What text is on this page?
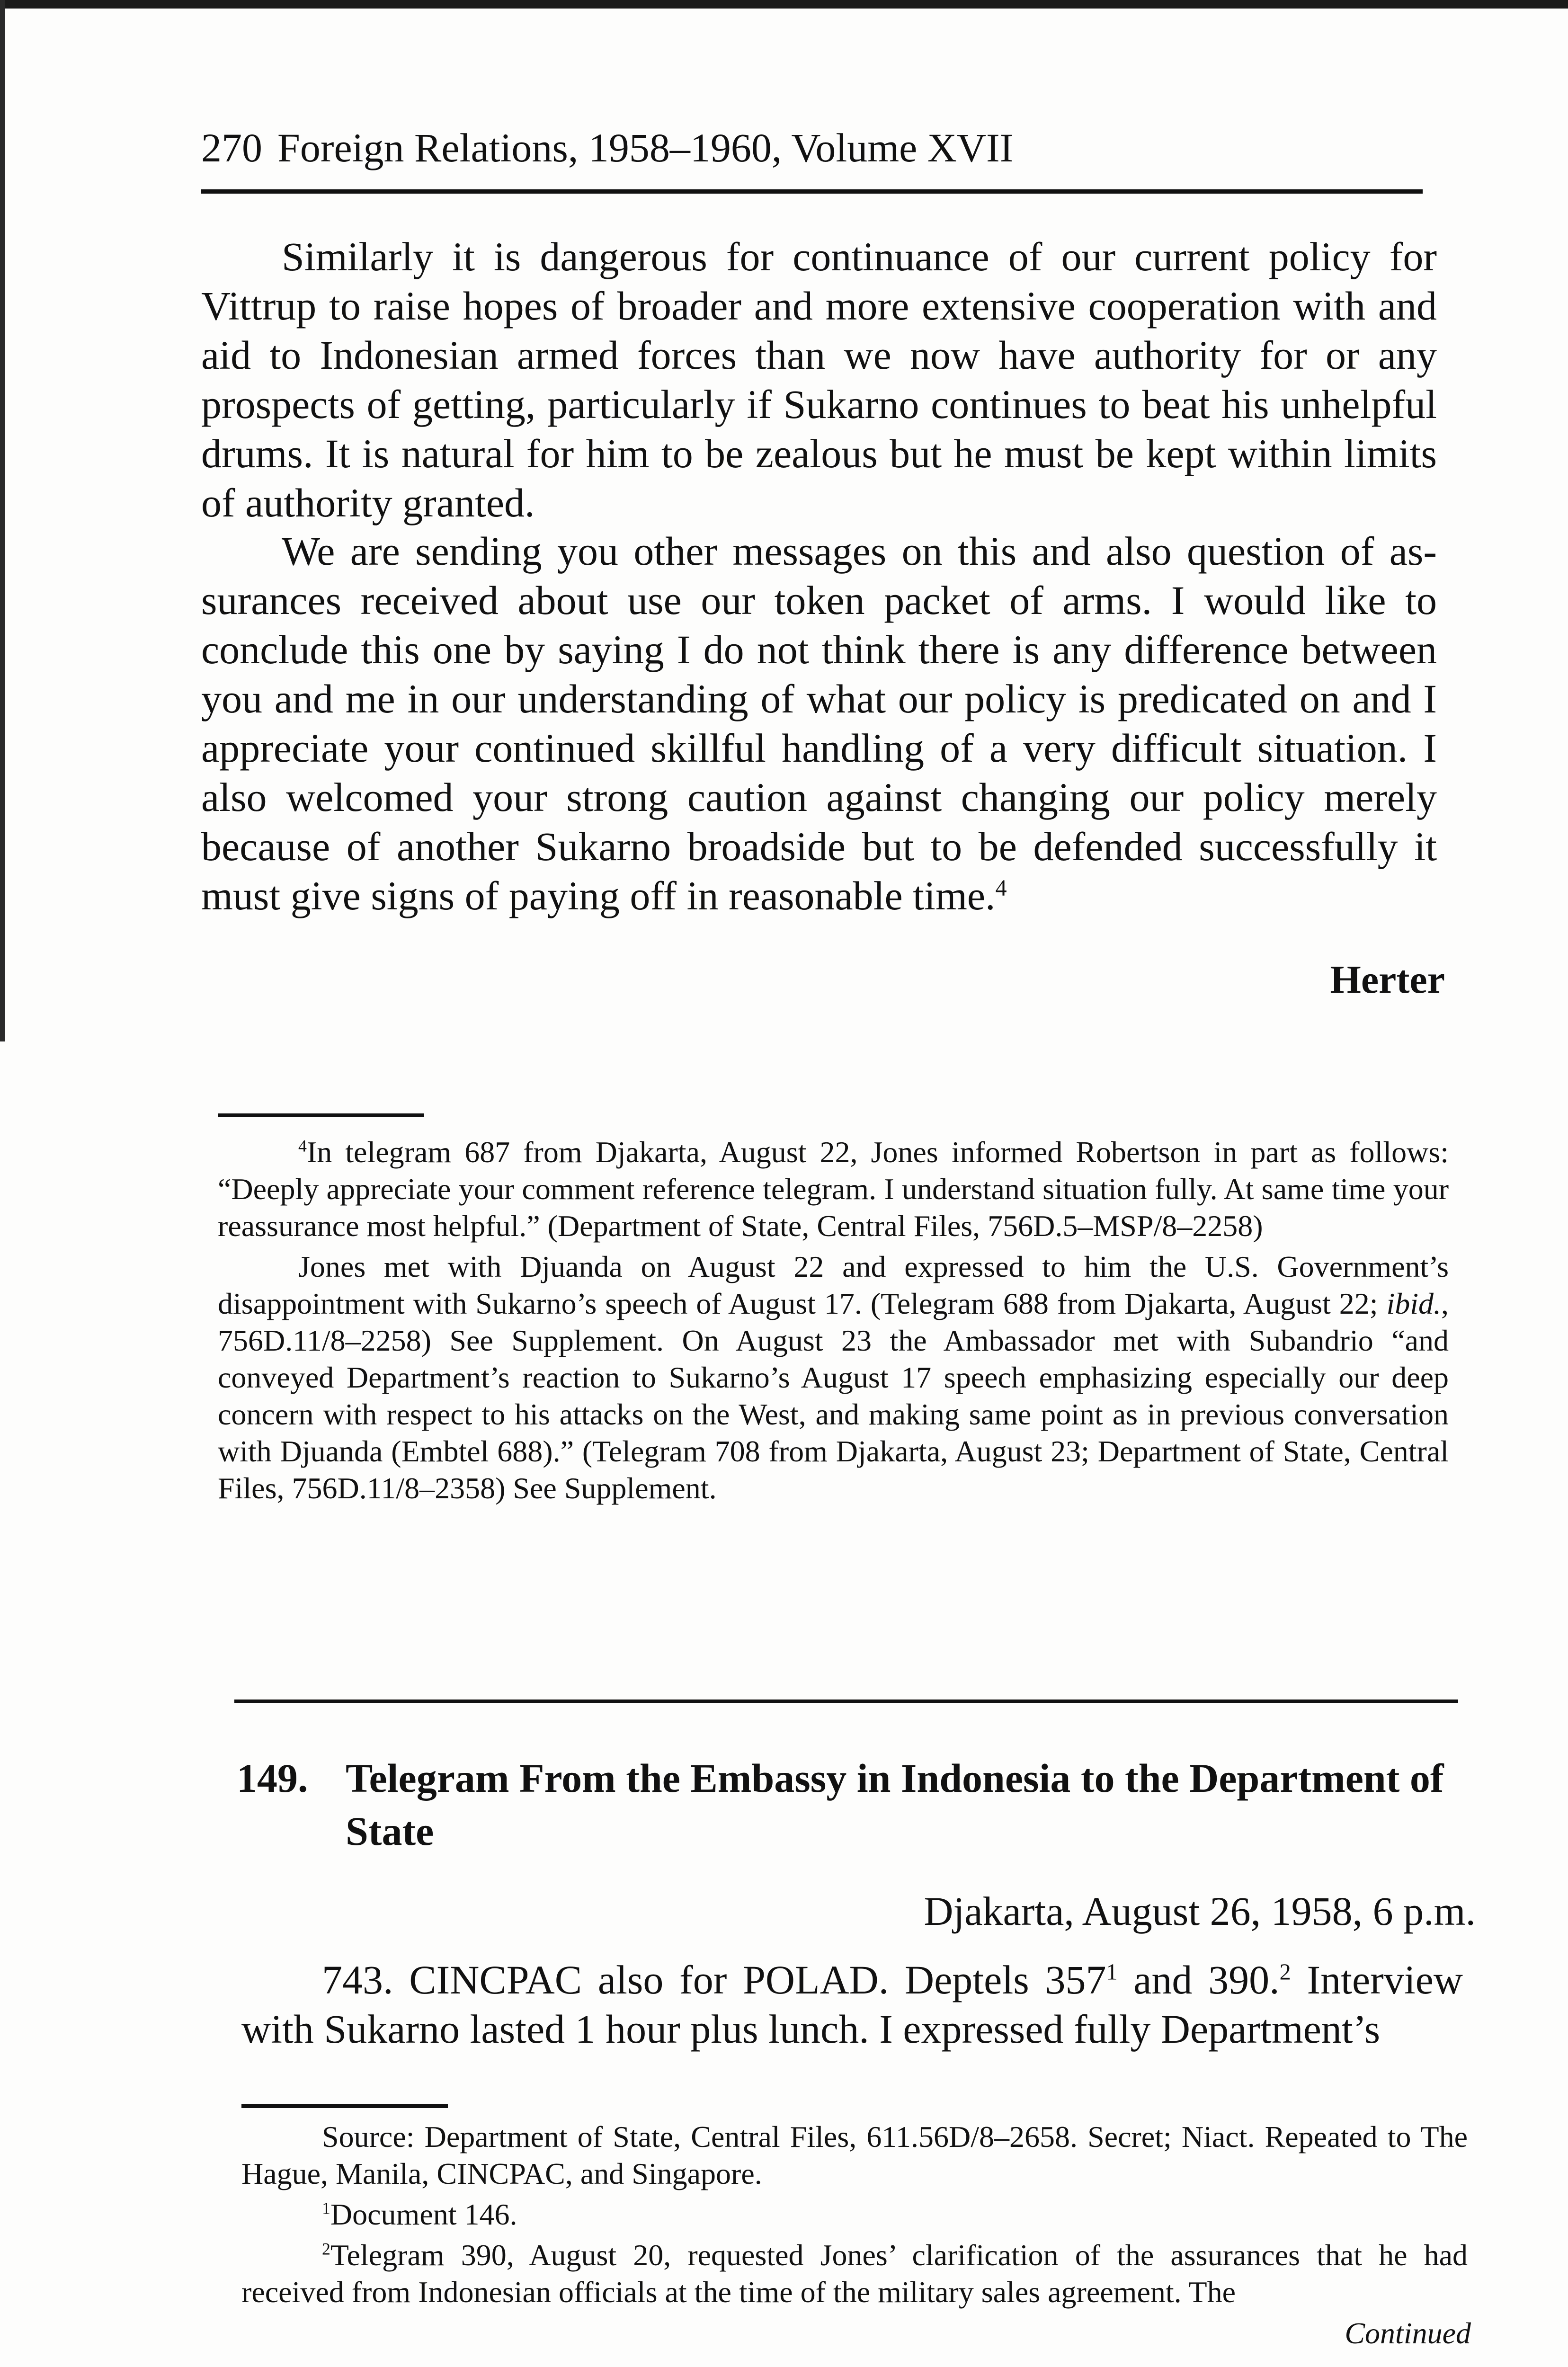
270 Foreign Relations, 1958–1960, Volume XVII

Similarly it is dangerous for continuance of our current policy for Vittrup to raise hopes of broader and more extensive cooperation with and aid to Indonesian armed forces than we now have authority for or any prospects of getting, particularly if Sukarno continues to beat his unhelpful drums. It is natural for him to be zealous but he must be kept within limits of authority granted.

We are sending you other messages on this and also question of assurances received about use our token packet of arms. I would like to conclude this one by saying I do not think there is any difference between you and me in our understanding of what our policy is predicated on and I appreciate your continued skillful handling of a very difficult situation. I also welcomed your strong caution against changing our policy merely because of another Sukarno broadside but to be defended successfully it must give signs of paying off in reasonable time.$^4$

Herter

$^4$In telegram 687 from Djakarta, August 22, Jones informed Robertson in part as follows: “Deeply appreciate your comment reference telegram. I understand situation fully. At same time your reassurance most helpful.” (Department of State, Central Files, 756D.5–MSP/8–2258)

Jones met with Djuanda on August 22 and expressed to him the U.S. Government’s disappointment with Sukarno’s speech of August 17. (Telegram 688 from Djakarta, August 22; ibid., 756D.11/8–2258) See Supplement. On August 23 the Ambassador met with Subandrio “and conveyed Department’s reaction to Sukarno’s August 17 speech emphasizing especially our deep concern with respect to his attacks on the West, and making same point as in previous conversation with Djuanda (Embtel 688).” (Telegram 708 from Djakarta, August 23; Department of State, Central Files, 756D.11/8–2358) See Supplement.

149. Telegram From the Embassy in Indonesia to the Department of State
Djakarta, August 26, 1958, 6 p.m.

743. CINCPAC also for POLAD. Deptels $357^1$ and 390.$^2$ Interview with Sukarno lasted 1 hour plus lunch. I expressed fully Department’s

Source: Department of State, Central Files, 611.56D/8–2658. Secret; Niact. Repeated to The Hague, Manila, CINCPAC, and Singapore.

$^1$Document 146.

$^2$Telegram 390, August 20, requested Jones’ clarification of the assurances that he had received from Indonesian officials at the time of the military sales agreement. The

Continued
